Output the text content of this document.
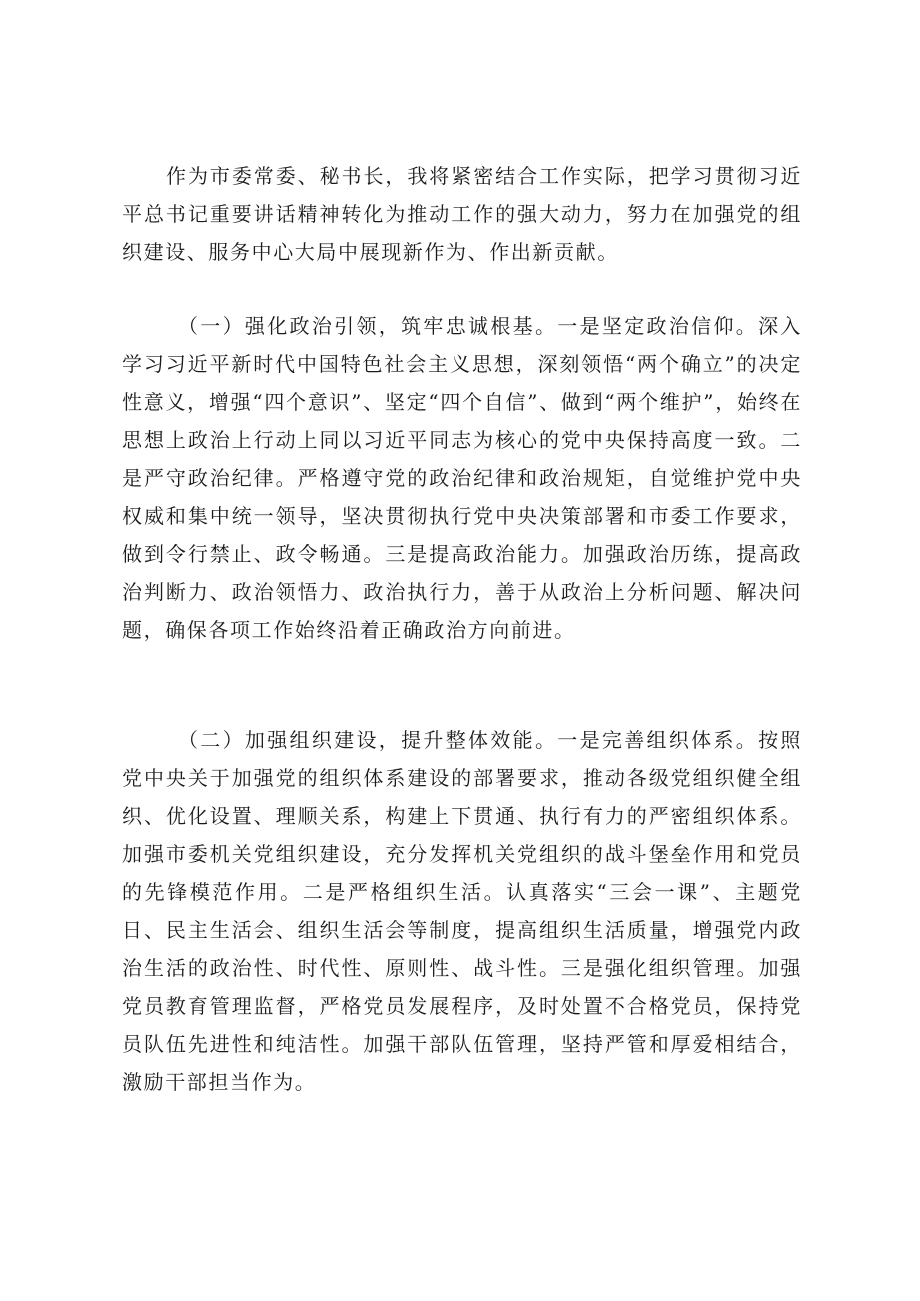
作为市委常委、秘书长，我将紧密结合工作实际，把学习贯彻习近平总书记重要讲话精神转化为推动工作的强大动力，努力在加强党的组织建设、服务中心大局中展现新作为、作出新贡献。

（一）强化政治引领，筑牢忠诚根基。一是坚定政治信仰。深入学习习近平新时代中国特色社会主义思想，深刻领悟“两个确立”的决定性意义，增强“四个意识”、坚定“四个自信”、做到“两个维护”，始终在思想上政治上行动上同以习近平同志为核心的党中央保持高度一致。二是严守政治纪律。严格遵守党的政治纪律和政治规矩，自觉维护党中央权威和集中统一领导，坚决贯彻执行党中央决策部署和市委工作要求，做到令行禁止、政令畅通。三是提高政治能力。加强政治历练，提高政治判断力、政治领悟力、政治执行力，善于从政治上分析问题、解决问题，确保各项工作始终沿着正确政治方向前进。

（二）加强组织建设，提升整体效能。一是完善组织体系。按照党中央关于加强党的组织体系建设的部署要求，推动各级党组织健全组织、优化设置、理顺关系，构建上下贯通、执行有力的严密组织体系。加强市委机关党组织建设，充分发挥机关党组织的战斗堡垒作用和党员的先锋模范作用。二是严格组织生活。认真落实“三会一课”、主题党日、民主生活会、组织生活会等制度，提高组织生活质量，增强党内政治生活的政治性、时代性、原则性、战斗性。三是强化组织管理。加强党员教育管理监督，严格党员发展程序，及时处置不合格党员，保持党员队伍先进性和纯洁性。加强干部队伍管理，坚持严管和厚爱相结合，激励干部担当作为。
